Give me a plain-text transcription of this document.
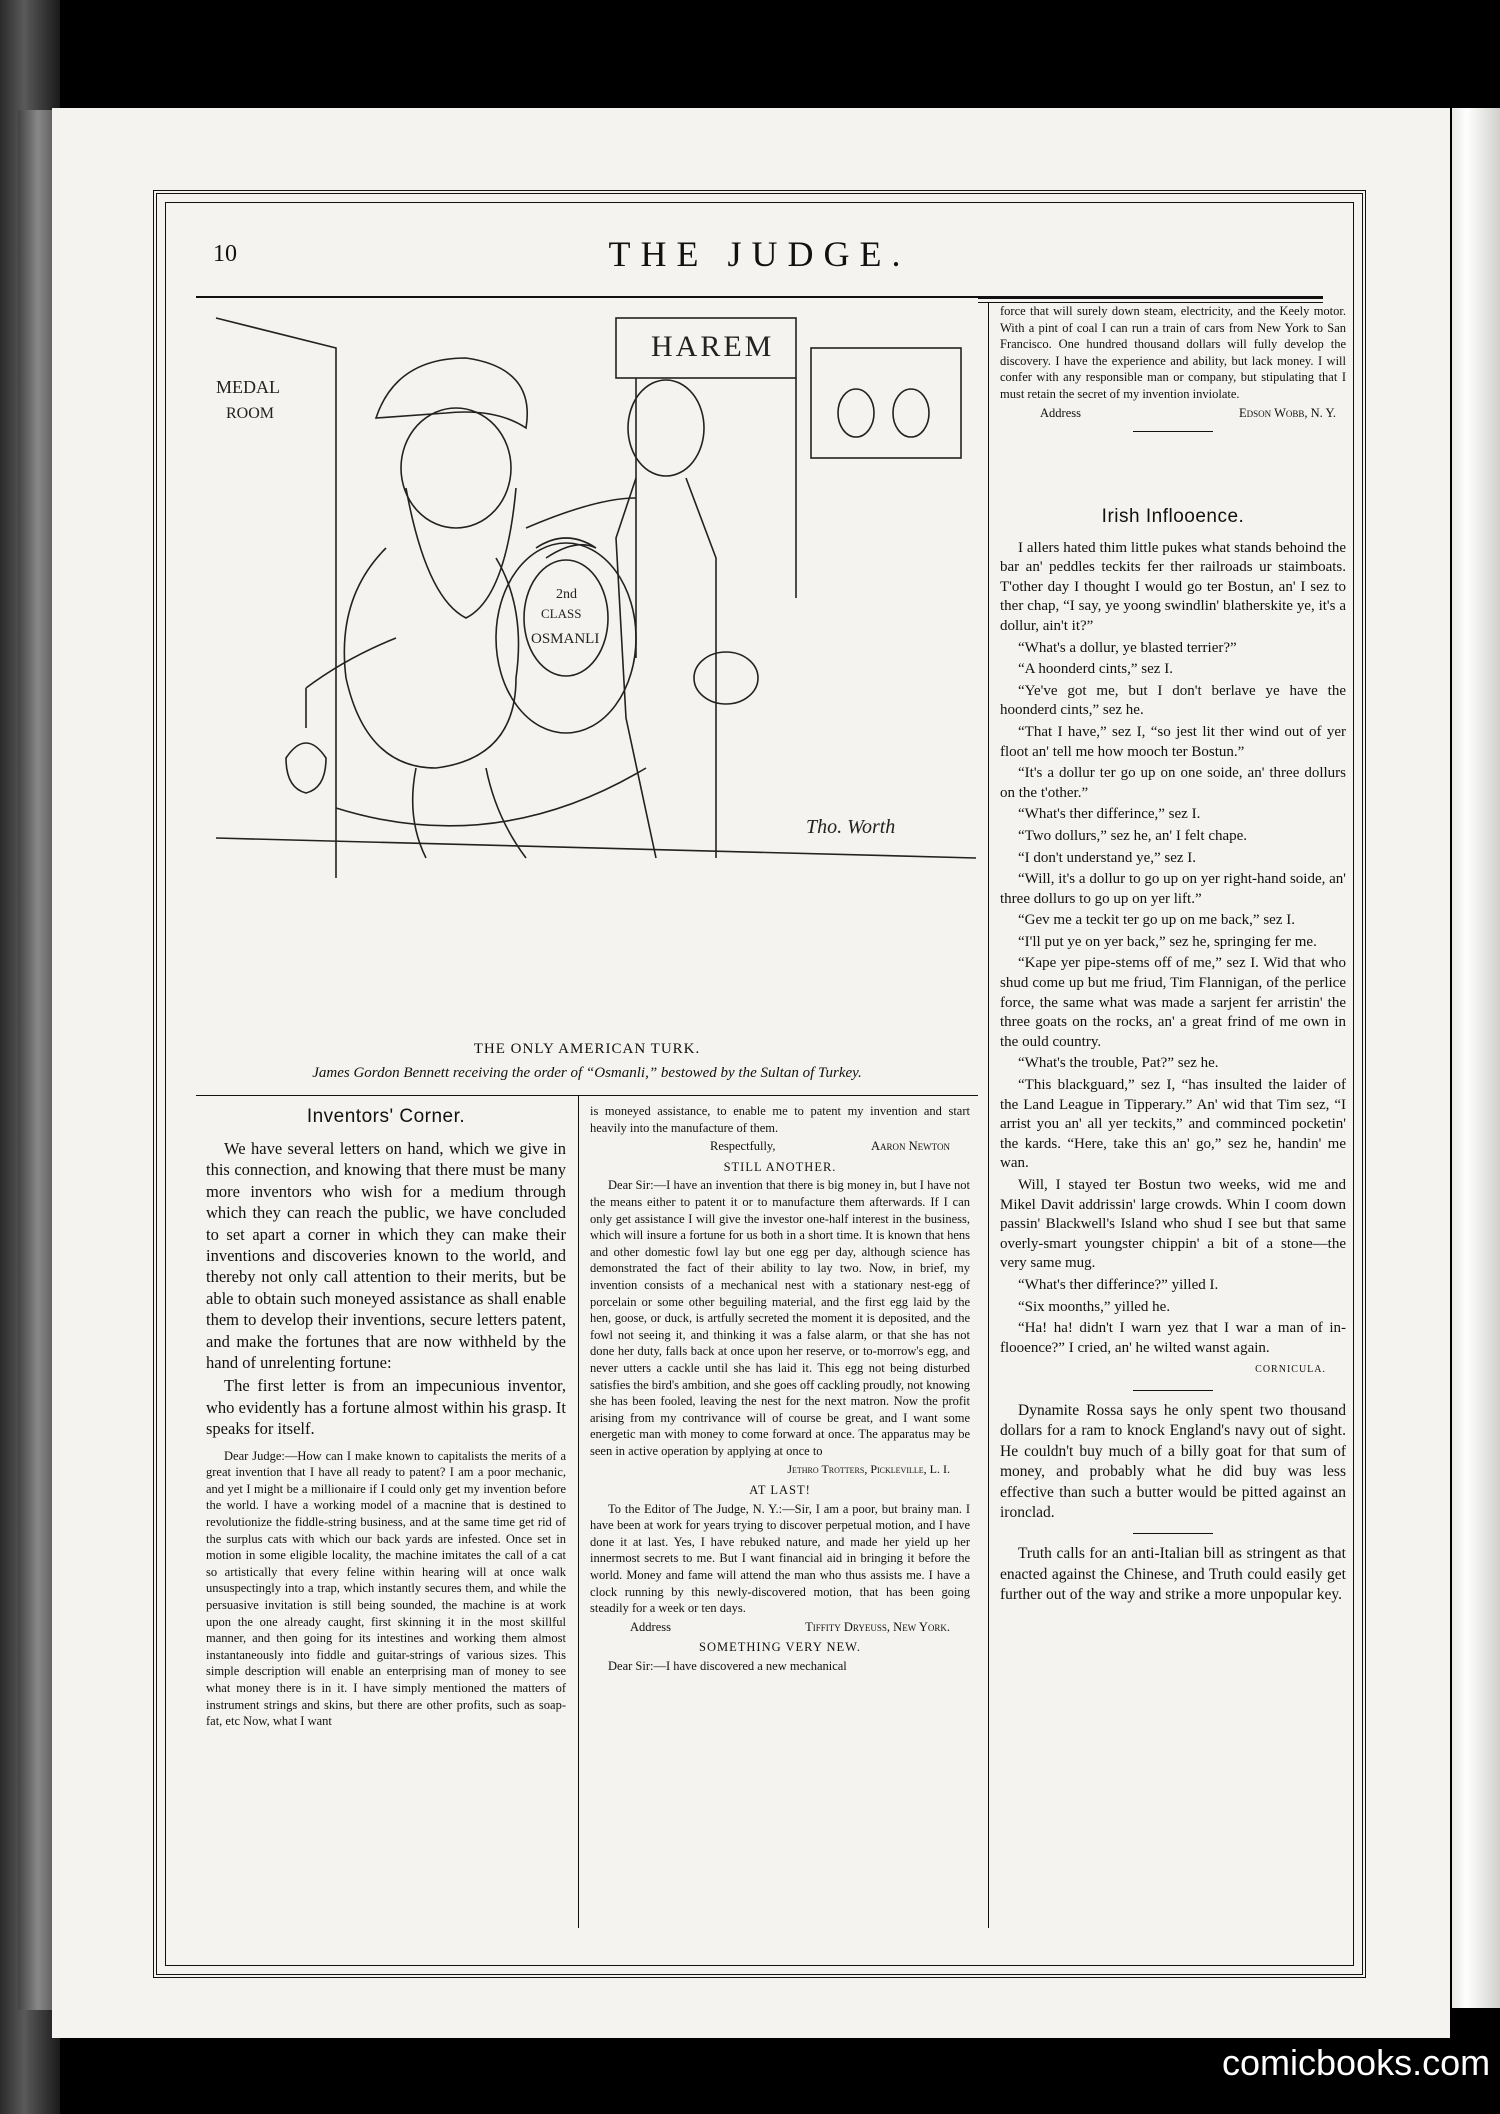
10	THE JUDGE.
HAREM
MEDAL
ROOM
2nd
CLASS
OSMANLI
Tho. Worth
THE ONLY AMERICAN TURK.
James Gordon Bennett receiving the order of “Osmanli,” bestowed by the Sultan of Turkey.
Inventors' Corner.

We have several letters on hand, which we give in this connection, and knowing that there must be many more inventors who wish for a medium through which they can reach the public, we have concluded to set apart a corner in which they can make their inventions and discoveries known to the world, and thereby not only call attention to their merits, but be able to obtain such moneyed assistance as shall enable them to develop their inventions, secure letters patent, and make the fortunes that are now withheld by the hand of unrelenting fortune:

The first letter is from an impecunious inventor, who evidently has a fortune almost within his grasp. It speaks for itself.

Dear Judge:—How can I make known to capitalists the merits of a great invention that I have all ready to patent? I am a poor mechanic, and yet I might be a millionaire if I could only get my invention before the world. I have a working model of a macnine that is destined to revolutionize the fiddle-string business, and at the same time get rid of the surplus cats with which our back yards are infested. Once set in motion in some eligible locality, the machine imitates the call of a cat so artistically that every feline within hearing will at once walk unsuspectingly into a trap, which instantly secures them, and while the persuasive invitation is still being sounded, the machine is at work upon the one already caught, first skinning it in the most skillful manner, and then going for its intestines and working them almost instantaneously into fiddle and guitar-strings of various sizes. This simple description will enable an enterprising man of money to see what money there is in it. I have simply mentioned the matters of instrument strings and skins, but there are other profits, such as soap-fat, etc Now, what I want

is moneyed assistance, to enable me to patent my invention and start heavily into the manufacture of them.

Respectfully,	Aaron Newton
STILL ANOTHER.

Dear Sir:—I have an invention that there is big money in, but I have not the means either to patent it or to manufacture them afterwards. If I can only get assistance I will give the investor one-half interest in the business, which will insure a fortune for us both in a short time. It is known that hens and other domestic fowl lay but one egg per day, although science has demonstrated the fact of their ability to lay two. Now, in brief, my invention consists of a mechanical nest with a stationary nest-egg of porcelain or some other beguiling material, and the first egg laid by the hen, goose, or duck, is artfully secreted the moment it is deposited, and the fowl not seeing it, and thinking it was a false alarm, or that she has not done her duty, falls back at once upon her reserve, or to-morrow's egg, and never utters a cackle until she has laid it. This egg not being disturbed satisfies the bird's ambition, and she goes off cackling proudly, not knowing she has been fooled, leaving the nest for the next matron. Now the profit arising from my contrivance will of course be great, and I want some energetic man with money to come forward at once. The apparatus may be seen in active operation by applying at once to

Jethro Trotters, Pickleville, L. I.
AT LAST!

To the Editor of The Judge, N. Y.:—Sir, I am a poor, but brainy man. I have been at work for years trying to discover perpetual motion, and I have done it at last. Yes, I have rebuked nature, and made her yield up her innermost secrets to me. But I want financial aid in bringing it before the world. Money and fame will attend the man who thus assists me. I have a clock running by this newly-discovered motion, that has been going steadily for a week or ten days.

Address	Tiffity Dryeuss, New York.
SOMETHING VERY NEW.

Dear Sir:—I have discovered a new mechanical

force that will surely down steam, electricity, and the Keely motor. With a pint of coal I can run a train of cars from New York to San Francisco. One hundred thousand dollars will fully develop the discovery. I have the experience and ability, but lack money. I will confer with any responsible man or company, but stipulating that I must retain the secret of my invention inviolate.

Address	Edson Wobb, N. Y.
Irish Inflooence.

I allers hated thim little pukes what stands behoind the bar an' peddles teckits fer ther railroads ur staimboats. T'other day I thought I would go ter Bostun, an' I sez to ther chap, “I say, ye yoong swindlin' blatherskite ye, it's a dollur, ain't it?”

“What's a dollur, ye blasted terrier?”

“A hoonderd cints,” sez I.

“Ye've got me, but I don't berlave ye have the hoonderd cints,” sez he.

“That I have,” sez I, “so jest lit ther wind out of yer floot an' tell me how mooch ter Bostun.”

“It's a dollur ter go up on one soide, an' three dollurs on the t'other.”

“What's ther differince,” sez I.

“Two dollurs,” sez he, an' I felt chape.

“I don't understand ye,” sez I.

“Will, it's a dollur to go up on yer right-hand soide, an' three dollurs to go up on yer lift.”

“Gev me a teckit ter go up on me back,” sez I.

“I'll put ye on yer back,” sez he, springing fer me.

“Kape yer pipe-stems off of me,” sez I. Wid that who shud come up but me friud, Tim Flannigan, of the perlice force, the same what was made a sarjent fer arristin' the three goats on the rocks, an' a great frind of me own in the ould country.

“What's the trouble, Pat?” sez he.

“This blackguard,” sez I, “has insulted the laider of the Land League in Tipperary.” An' wid that Tim sez, “I arrist you an' all yer teckits,” and comminced pocketin' the kards. “Here, take this an' go,” sez he, handin' me wan.

Will, I stayed ter Bostun two weeks, wid me and Mikel Davit addrissin' large crowds. Whin I coom down passin' Blackwell's Island who shud I see but that same overly-smart youngster chippin' a bit of a stone—the very same mug.

“What's ther differince?” yilled I.

“Six moonths,” yilled he.

“Ha! ha! didn't I warn yez that I war a man of in-flooence?” I cried, an' he wilted wanst again.

CORNICULA.

Dynamite Rossa says he only spent two thousand dollars for a ram to knock England's navy out of sight. He couldn't buy much of a billy goat for that sum of money, and probably what he did buy was less effective than such a butter would be pitted against an ironclad.

Truth calls for an anti-Italian bill as stringent as that enacted against the Chinese, and Truth could easily get further out of the way and strike a more unpopular key.

comicbooks.com
